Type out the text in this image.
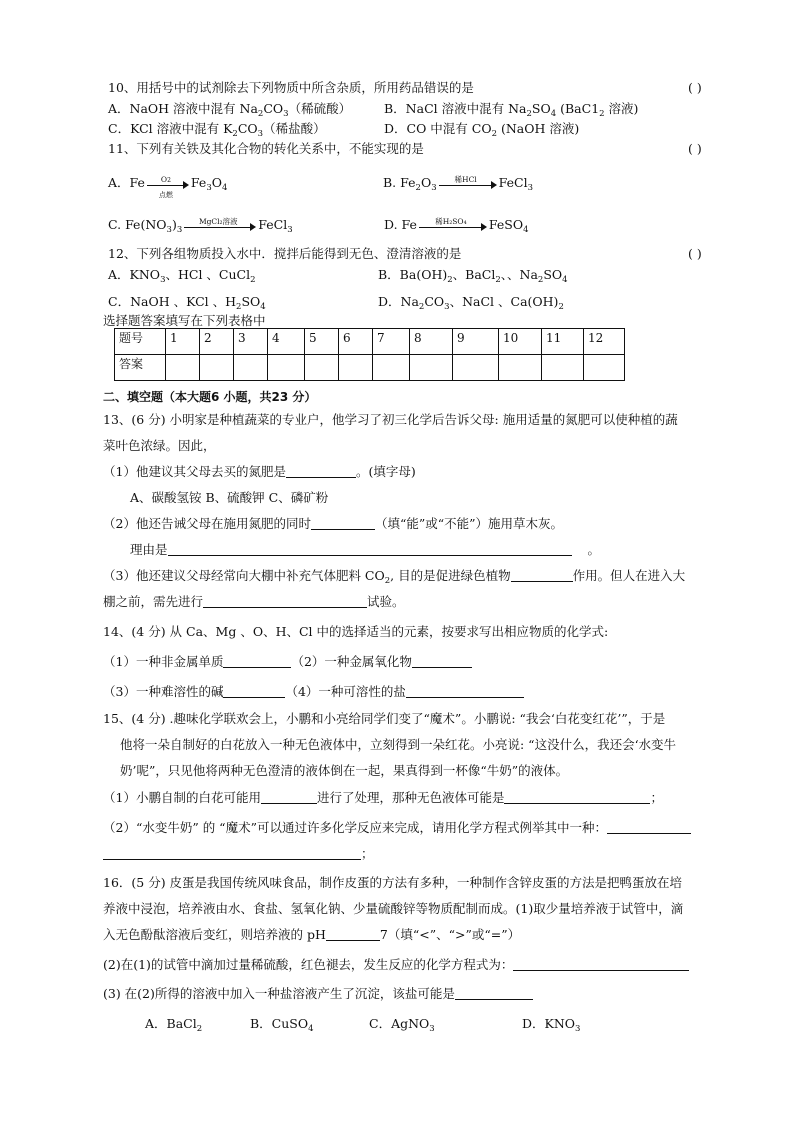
10、用括号中的试剂除去下列物质中所含杂质，所用药品错误的是	( )
A．NaOH 溶液中混有 $Na_2CO_3$（稀硫酸）	B．NaCl 溶液中混有 $Na_2SO_4$ ($BaC1_2$ 溶液)
C．KCl 溶液中混有 $K_2CO_3$（稀盐酸）	D．CO 中混有 $CO_2$ (NaOH 溶液)
11、下列有关铁及其化合物的转化关系中，不能实现的是	( )
A．Fe	O2
点燃
$Fe_3O_4$	B. $Fe_2O_3$
稀HCl	FeCl$_3$
C. $Fe(NO_3)_3$
MgCl₂溶液	FeCl$_3$	D. Fe	稀H₂SO₄	FeSO$_4$
12、下列各组物质投入水中．搅拌后能得到无色、澄清溶液的是	( )
A．$KNO_3$、HCl 、CuCl$_2$	B．$Ba(OH)_2$、BaCl$_2$、、$Na_2SO_4$
C．NaOH 、KCl 、$H_2SO_4$	D．$Na_2CO_3$、NaCl 、$Ca(OH)_2$
选择题答案填写在下列表格中
题号	1	2	3	4	5	6	7	8	9	10	11	12
答案												
二、填空题（本大题6 小题，共23 分）
13、(6 分) 小明家是种植蔬菜的专业户，他学习了初三化学后告诉父母: 施用适量的氮肥可以使种植的蔬
菜叶色浓绿。因此，
（1）他建议其父母去买的氮肥是	。(填字母)
A、碳酸氢铵 B、硫酸钾 C、磷矿粉
（2）他还告诫父母在施用氮肥的同时	（填“能”或“不能”）施用草木灰。
理由是	。
（3）他还建议父母经常向大棚中补充气体肥料 $CO_2$, 目的是促进绿色植物	作用。但人在进入大
棚之前，需先进行	试验。
14、(4 分) 从 Ca、Mg 、O、H、Cl 中的选择适当的元素，按要求写出相应物质的化学式:
（1）一种非金属单质	（2）一种金属氧化物
（3）一种难溶性的碱	（4）一种可溶性的盐
15、(4 分) .趣味化学联欢会上，小鹏和小亮给同学们变了“魔术”。小鹏说: “我会‘白花变红花’”，于是
他将一朵自制好的白花放入一种无色液体中，立刻得到一朵红花。小亮说: “这没什么，我还会‘水变牛
奶’呢”，只见他将两种无色澄清的液体倒在一起，果真得到一杯像“牛奶”的液体。
（1）小鹏自制的白花可能用	进行了处理，那种无色液体可能是	；
（2）“水变牛奶” 的 “魔术”可以通过许多化学反应来完成，请用化学方程式例举其中一种：
；
16．(5 分) 皮蛋是我国传统风味食品，制作皮蛋的方法有多种，一种制作含锌皮蛋的方法是把鸭蛋放在培
养液中浸泡，培养液由水、食盐、氢氧化钠、少量硫酸锌等物质配制而成。(1)取少量培养液于试管中，滴
入无色酚酞溶液后变红，则培养液的 pH	7（填“<”、“>”或“=”）
(2)在(1)的试管中滴加过量稀硫酸，红色褪去，发生反应的化学方程式为：
(3) 在(2)所得的溶液中加入一种盐溶液产生了沉淀，该盐可能是
A．BaCl$_2$	B．CuSO$_4$	C．AgNO$_3$	D．$KNO_3$
